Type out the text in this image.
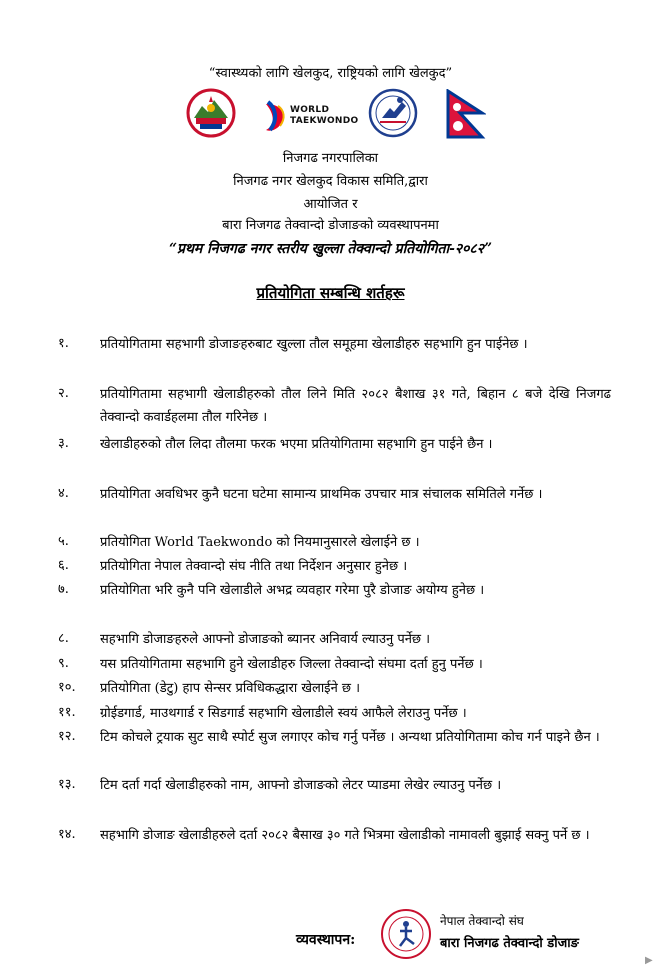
“स्वास्थ्यको लागि खेलकुद, राष्ट्रियको लागि खेलकुद”
WORLD
TAEKWONDO
निजगढ नगरपालिका
निजगढ नगर खेलकुद विकास समिति,द्वारा
आयोजित र
बारा निजगढ तेक्वान्दो डोजाङको व्यवस्थापनमा
“प्रथम निजगढ नगर स्तरीय खुल्ला तेक्वान्दो प्रतियोगिता-२०८२”
प्रतियोगिता सम्बन्धि शर्तहरू
१. प्रतियोगितामा सहभागी डोजाङहरुबाट खुल्ला तौल समूहमा खेलाडीहरु सहभागि हुन पाईनेछ ।
२. प्रतियोगितामा सहभागी खेलाडीहरुको तौल लिने मिति २०८२ बैशाख ३१ गते, बिहान ८ बजे देखि निजगढ तेक्वान्दो कवार्डहलमा तौल गरिनेछ ।
३. खेलाडीहरुको तौल लिदा तौलमा फरक भएमा प्रतियोगितामा सहभागि हुन पाईने छैन ।
४. प्रतियोगिता अवधिभर कुनै घटना घटेमा सामान्य प्राथमिक उपचार मात्र संचालक समितिले गर्नेछ ।
५. प्रतियोगिता World Taekwondo को नियमानुसारले खेलाईने छ ।
६. प्रतियोगिता नेपाल तेक्वान्दो संघ नीति तथा निर्देशन अनुसार हुनेछ ।
७. प्रतियोगिता भरि कुनै पनि खेलाडीले अभद्र व्यवहार गरेमा पुरै डोजाङ अयोग्य हुनेछ ।
८. सहभागि डोजाङहरुले आफ्नो डोजाङको ब्यानर अनिवार्य ल्याउनु पर्नेछ ।
९. यस प्रतियोगितामा सहभागि हुने खेलाडीहरु जिल्ला तेक्वान्दो संघमा दर्ता हुनु पर्नेछ ।
१०. प्रतियोगिता (डेटु) हाप सेन्सर प्रविधिकद्धारा खेलाईने छ ।
११. ग्रोईडगार्ड, माउथगार्ड र सिडगार्ड सहभागि खेलाडीले स्वयं आफैले लेराउनु पर्नेछ ।
१२. टिम कोचले ट्रयाक सुट साथै स्पोर्ट सुज लगाएर कोच गर्नु पर्नेछ । अन्यथा प्रतियोगितामा कोच गर्न पाइने छैन ।
१३. टिम दर्ता गर्दा खेलाडीहरुको नाम, आफ्नो डोजाङको लेटर प्याडमा लेखेर ल्याउनु पर्नेछ ।
१४. सहभागि डोजाङ खेलाडीहरुले दर्ता २०८२ बैसाख ३० गते भित्रमा खेलाडीको नामावली बुझाई सक्नु पर्ने छ ।
व्यवस्थापन:
नेपाल तेक्वान्दो संघ
बारा निजगढ तेक्वान्दो डोजाङ
▶
